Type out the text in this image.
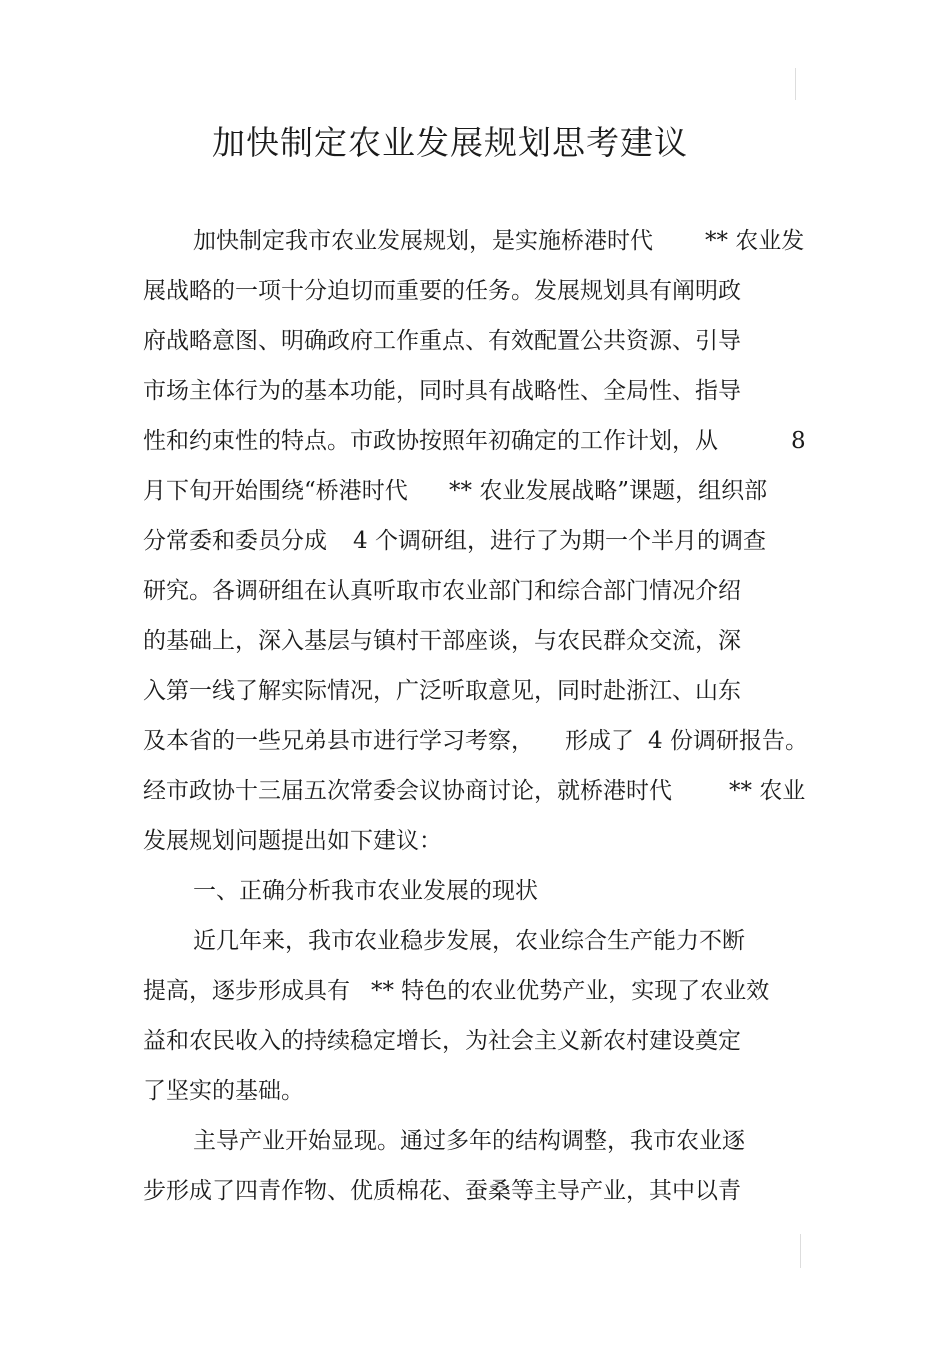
加快制定农业发展规划思考建议
加快制定我市农业发展规划，是实施桥港时代 ** 农业发
展战略的一项十分迫切而重要的任务。发展规划具有阐明政
府战略意图、明确政府工作重点、有效配置公共资源、引导
市场主体行为的基本功能，同时具有战略性、全局性、指导
性和约束性的特点。市政协按照年初确定的工作计划，从	8
月下旬开始围绕“桥港时代 ** 农业发展战略”课题，组织部
分常委和委员分成 4 个调研组，进行了为期一个半月的调查
研究。各调研组在认真听取市农业部门和综合部门情况介绍
的基础上，深入基层与镇村干部座谈，与农民群众交流，深
入第一线了解实际情况，广泛听取意见，同时赴浙江、山东
及本省的一些兄弟县市进行学习考察， 形成了 4 份调研报告。
经市政协十三届五次常委会议协商讨论，就桥港时代 ** 农业
发展规划问题提出如下建议：
一、正确分析我市农业发展的现状
近几年来，我市农业稳步发展，农业综合生产能力不断
提高，逐步形成具有 ** 特色的农业优势产业，实现了农业效
益和农民收入的持续稳定增长，为社会主义新农村建设奠定
了坚实的基础。
主导产业开始显现。通过多年的结构调整，我市农业逐
步形成了四青作物、优质棉花、蚕桑等主导产业，其中以青
